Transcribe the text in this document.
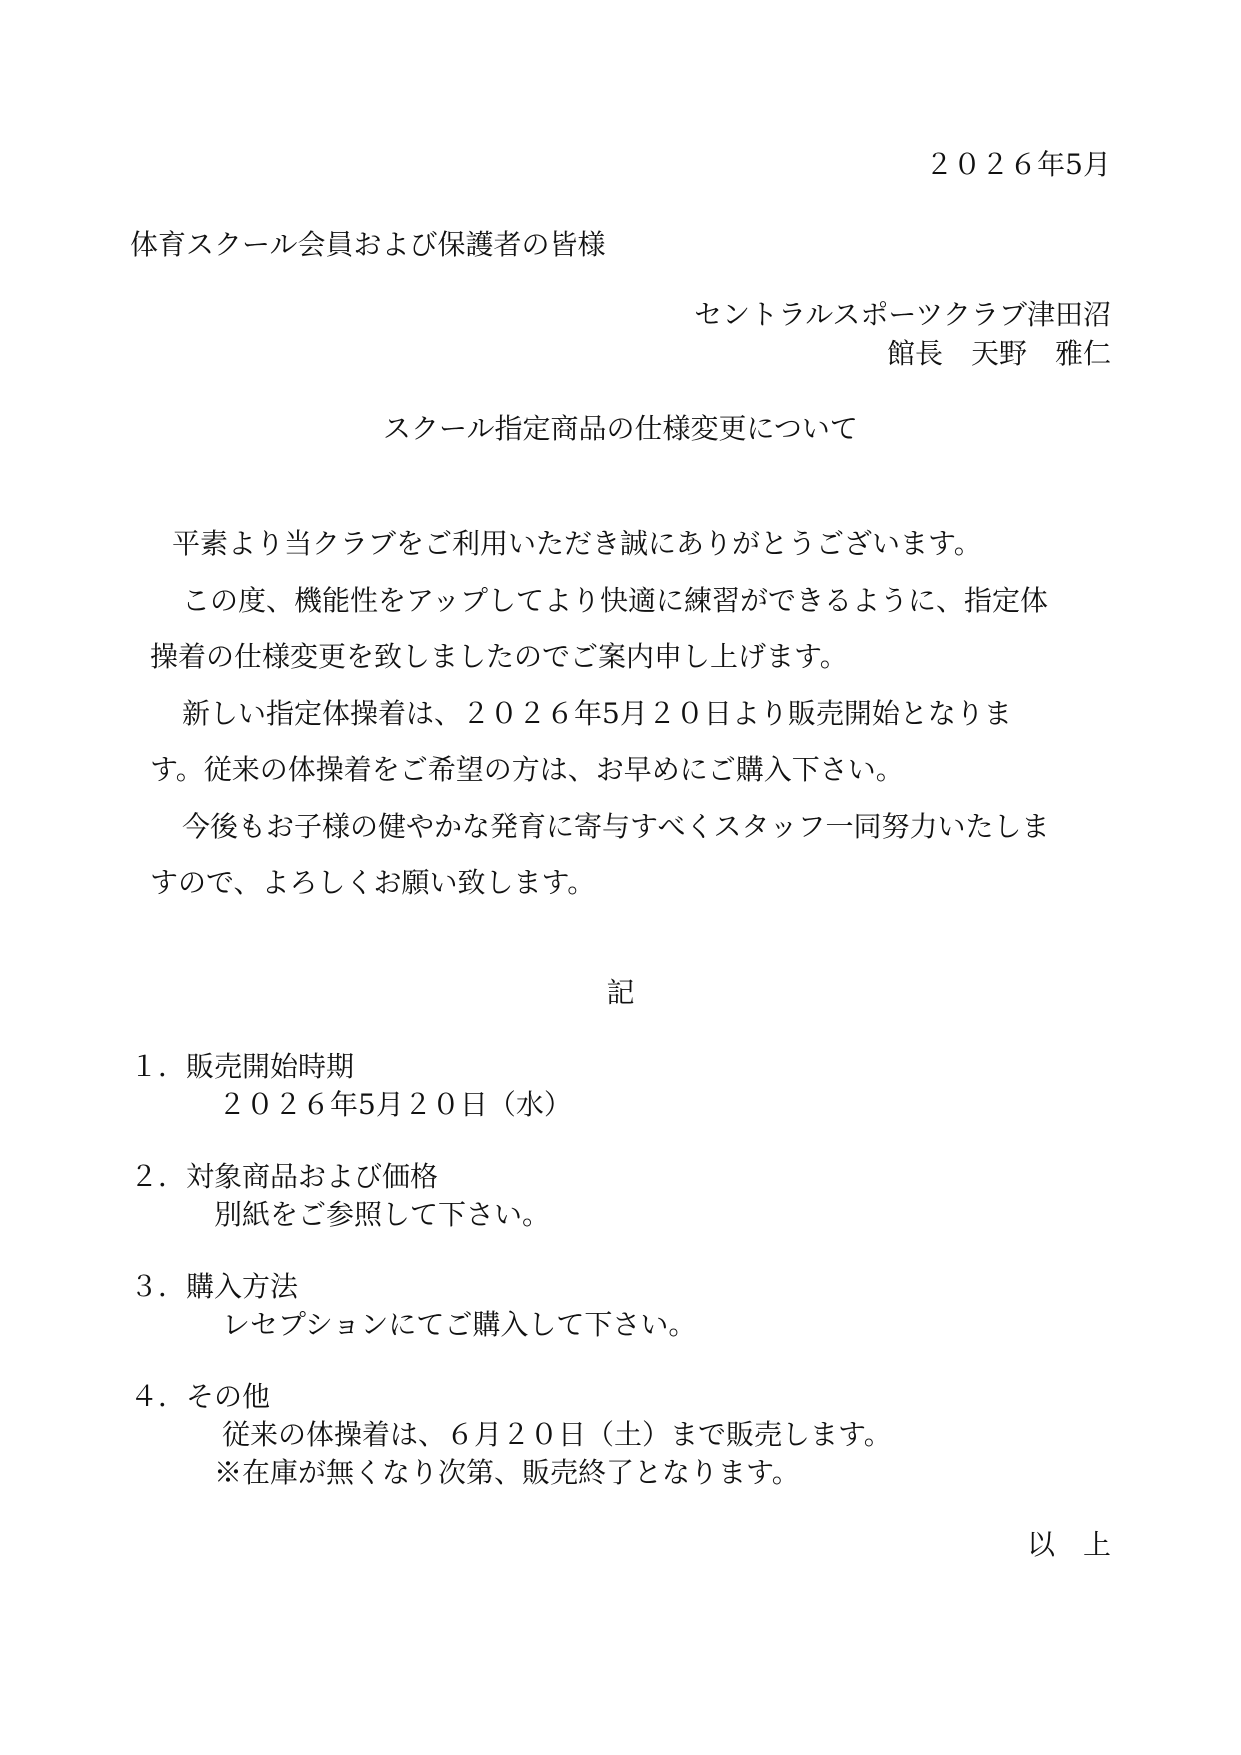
２０２６年5月
体育スクール会員および保護者の皆様
セントラルスポーツクラブ津田沼
館長　天野　雅仁
スクール指定商品の仕様変更について
平素より当クラブをご利用いただき誠にありがとうございます。
この度、機能性をアップしてより快適に練習ができるように、指定体
操着の仕様変更を致しましたのでご案内申し上げます。
新しい指定体操着は、２０２６年5月２０日より販売開始となりま
す。従来の体操着をご希望の方は、お早めにご購入下さい。
今後もお子様の健やかな発育に寄与すべくスタッフ一同努力いたしま
すので、よろしくお願い致します。
記
１．販売開始時期
２０２６年5月２０日（水）
２．対象商品および価格
別紙をご参照して下さい。
３．購入方法
レセプションにてご購入して下さい。
４．その他
従来の体操着は、６月２０日（土）まで販売します。
※在庫が無くなり次第、販売終了となります。
以　上
